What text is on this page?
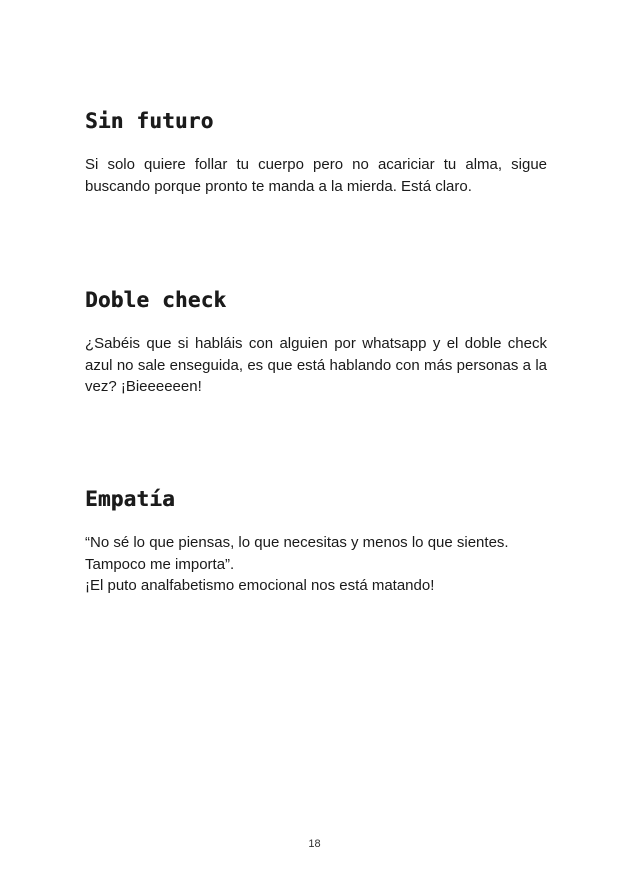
Sin futuro

Si solo quiere follar tu cuerpo pero no acariciar tu alma, sigue buscando porque pronto te manda a la mierda. Está claro.

Doble check

¿Sabéis que si habláis con alguien por whatsapp y el doble check azul no sale enseguida, es que está hablando con más personas a la vez? ¡Bieeeeeen!

Empatía

“No sé lo que piensas, lo que necesitas y menos lo que sientes.
Tampoco me importa”.
¡El puto analfabetismo emocional nos está matando!

18
